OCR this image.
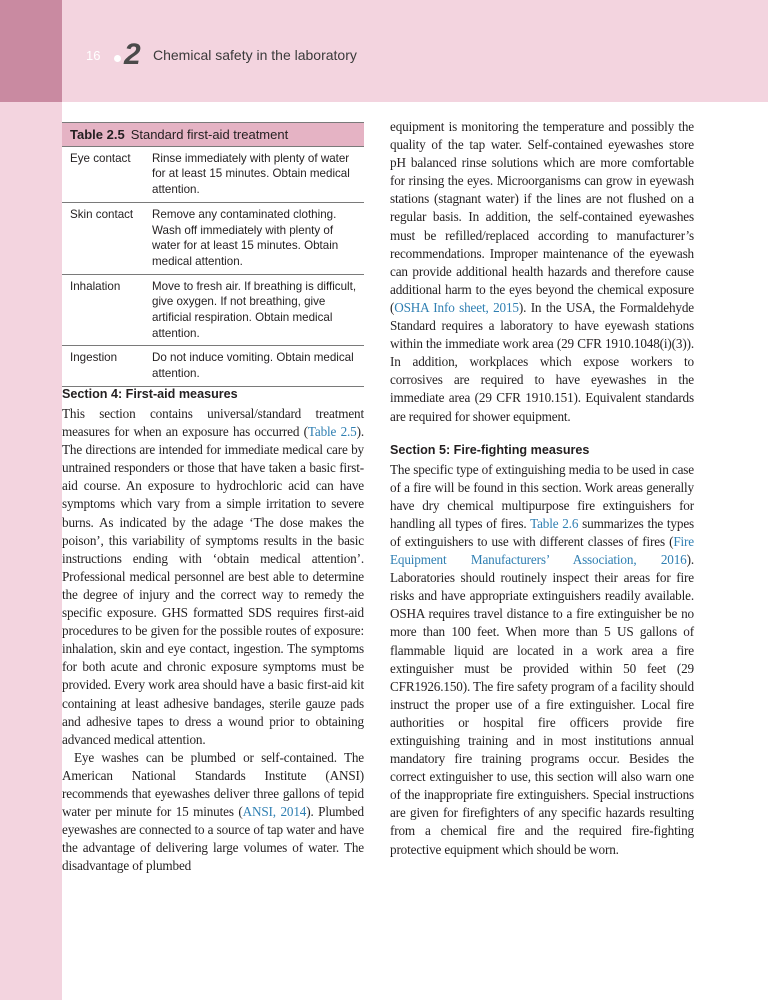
16 2 Chemical safety in the laboratory
Table 2.5 Standard first-aid treatment
Eye contact	Rinse immediately with plenty of water for at least 15 minutes. Obtain medical attention.
Skin contact	Remove any contaminated clothing. Wash off immediately with plenty of water for at least 15 minutes. Obtain medical attention.
Inhalation	Move to fresh air. If breathing is difficult, give oxygen. If not breathing, give artificial respiration. Obtain medical attention.
Ingestion	Do not induce vomiting. Obtain medical attention.
Section 4: First-aid measures

This section contains universal/standard treatment measures for when an exposure has occurred (Table 2.5). The directions are intended for immediate medical care by untrained responders or those that have taken a basic first-aid course. An exposure to hydrochloric acid can have symptoms which vary from a simple irritation to severe burns. As indicated by the adage ‘The dose makes the poison’, this variability of symptoms results in the basic instructions ending with ‘obtain medical attention’. Professional medical personnel are best able to determine the degree of injury and the correct way to remedy the specific exposure. GHS formatted SDS requires first-aid procedures to be given for the possible routes of exposure: inhalation, skin and eye contact, ingestion. The symptoms for both acute and chronic exposure symptoms must be provided. Every work area should have a basic first-aid kit containing at least adhesive bandages, sterile gauze pads and adhesive tapes to dress a wound prior to obtaining advanced medical attention.

Eye washes can be plumbed or self-contained. The American National Standards Institute (ANSI) recommends that eyewashes deliver three gallons of tepid water per minute for 15 minutes (ANSI, 2014). Plumbed eyewashes are connected to a source of tap water and have the advantage of delivering large volumes of water. The disadvantage of plumbed

equipment is monitoring the temperature and possibly the quality of the tap water. Self-contained eyewashes store pH balanced rinse solutions which are more comfortable for rinsing the eyes. Microorganisms can grow in eyewash stations (stagnant water) if the lines are not flushed on a regular basis. In addition, the self-contained eyewashes must be refilled/replaced according to manufacturer’s recommendations. Improper maintenance of the eyewash can provide additional health hazards and therefore cause additional harm to the eyes beyond the chemical exposure (OSHA Info sheet, 2015). In the USA, the Formaldehyde Standard requires a laboratory to have eyewash stations within the immediate work area (29 CFR 1910.1048(i)(3)). In addition, workplaces which expose workers to corrosives are required to have eyewashes in the immediate area (29 CFR 1910.151). Equivalent standards are required for shower equipment.

Section 5: Fire-fighting measures

The specific type of extinguishing media to be used in case of a fire will be found in this section. Work areas generally have dry chemical multipurpose fire extinguishers for handling all types of fires. Table 2.6 summarizes the types of extinguishers to use with different classes of fires (Fire Equipment Manufacturers’ Association, 2016). Laboratories should routinely inspect their areas for fire risks and have appropriate extinguishers readily available. OSHA requires travel distance to a fire extinguisher be no more than 100 feet. When more than 5 US gallons of flammable liquid are located in a work area a fire extinguisher must be provided within 50 feet (29 CFR1926.150). The fire safety program of a facility should instruct the proper use of a fire extinguisher. Local fire authorities or hospital fire officers provide fire extinguishing training and in most institutions annual mandatory fire training programs occur. Besides the correct extinguisher to use, this section will also warn one of the inappropriate fire extinguishers. Special instructions are given for firefighters of any specific hazards resulting from a chemical fire and the required fire-fighting protective equipment which should be worn.
